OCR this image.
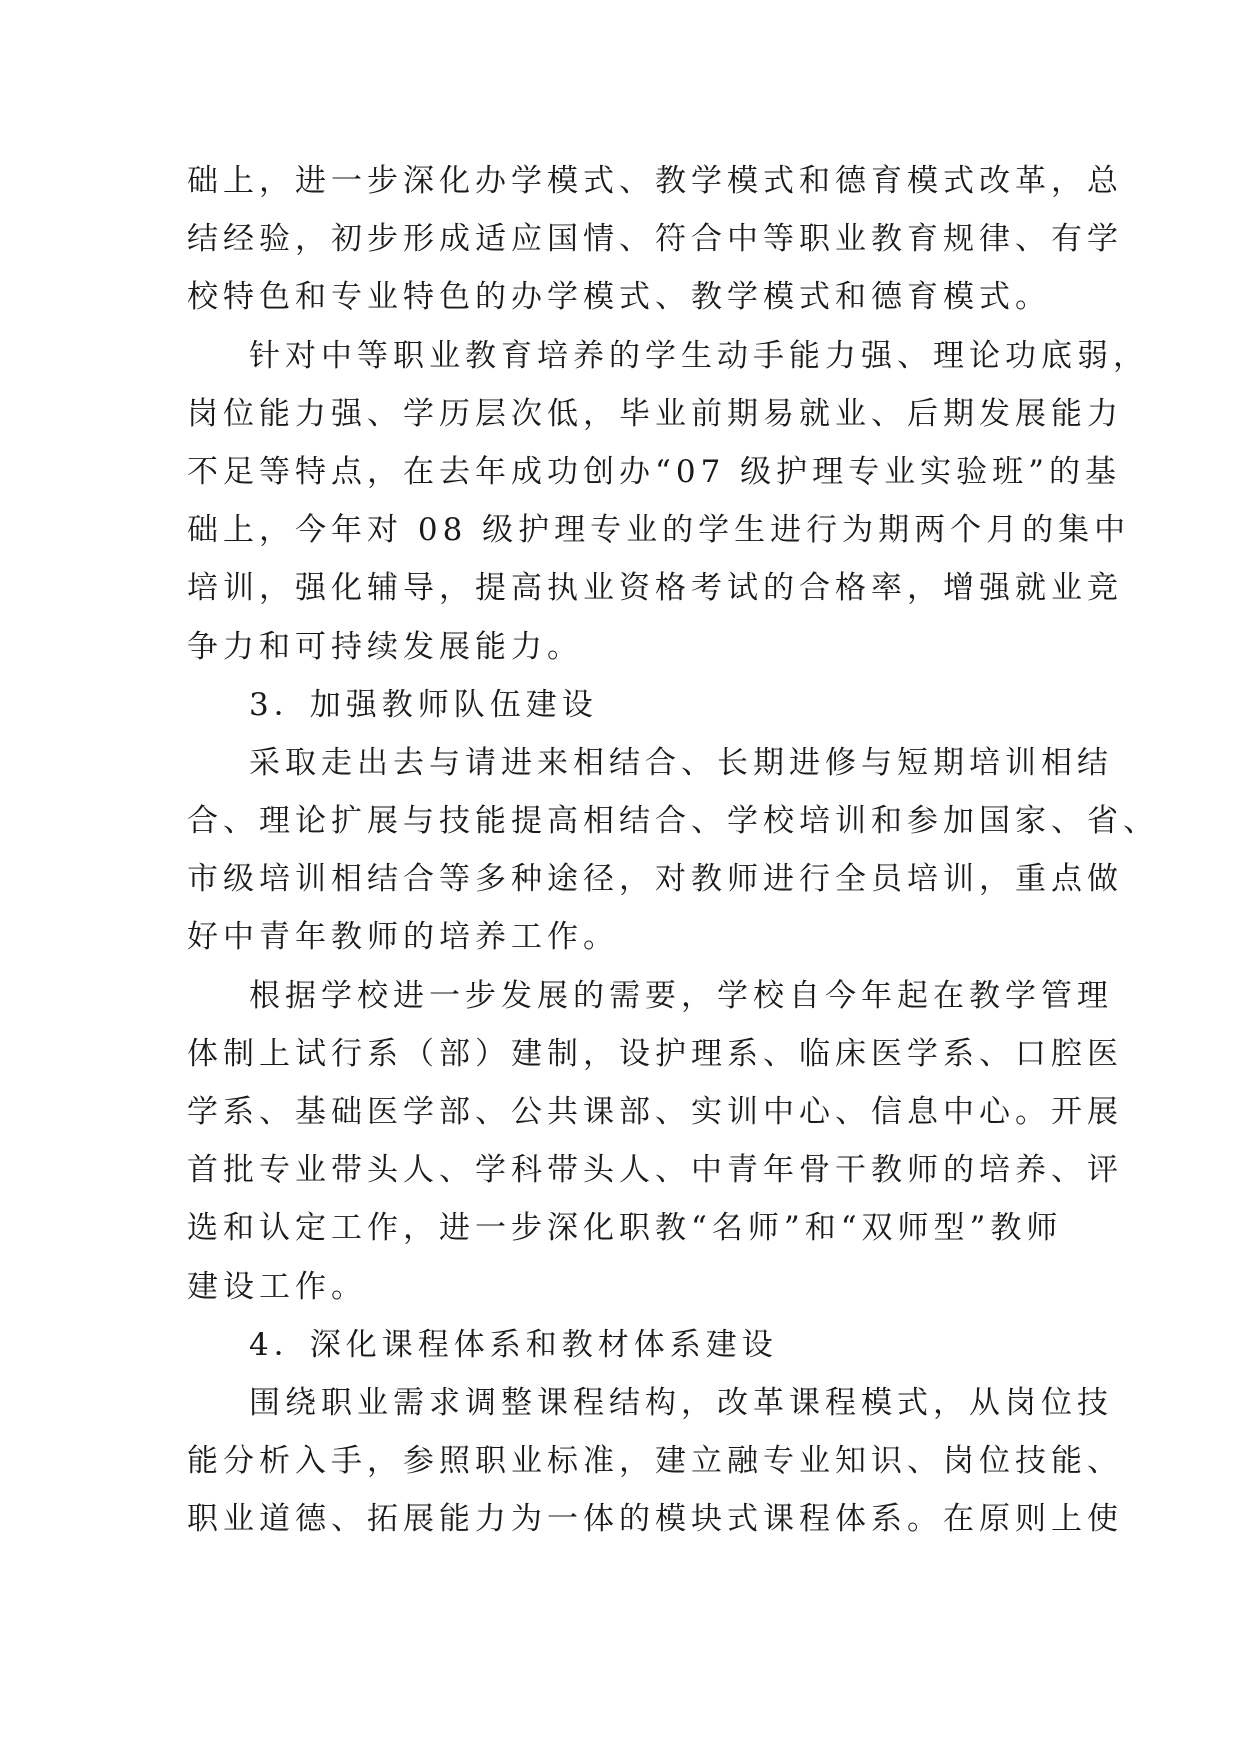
础上，进一步深化办学模式、教学模式和德育模式改革，总
结经验，初步形成适应国情、符合中等职业教育规律、有学
校特色和专业特色的办学模式、教学模式和德育模式。
针对中等职业教育培养的学生动手能力强、理论功底弱，
岗位能力强、学历层次低，毕业前期易就业、后期发展能力
不足等特点，在去年成功创办“07 级护理专业实验班”的基
础上，今年对 08 级护理专业的学生进行为期两个月的集中
培训，强化辅导，提高执业资格考试的合格率，增强就业竞
争力和可持续发展能力。
3．加强教师队伍建设
采取走出去与请进来相结合、长期进修与短期培训相结
合、理论扩展与技能提高相结合、学校培训和参加国家、省、
市级培训相结合等多种途径，对教师进行全员培训，重点做
好中青年教师的培养工作。
根据学校进一步发展的需要，学校自今年起在教学管理
体制上试行系（部）建制，设护理系、临床医学系、口腔医
学系、基础医学部、公共课部、实训中心、信息中心。开展
首批专业带头人、学科带头人、中青年骨干教师的培养、评
选和认定工作，进一步深化职教“名师”和“双师型”教师
建设工作。
4．深化课程体系和教材体系建设
围绕职业需求调整课程结构，改革课程模式，从岗位技
能分析入手，参照职业标准，建立融专业知识、岗位技能、
职业道德、拓展能力为一体的模块式课程体系。在原则上使
